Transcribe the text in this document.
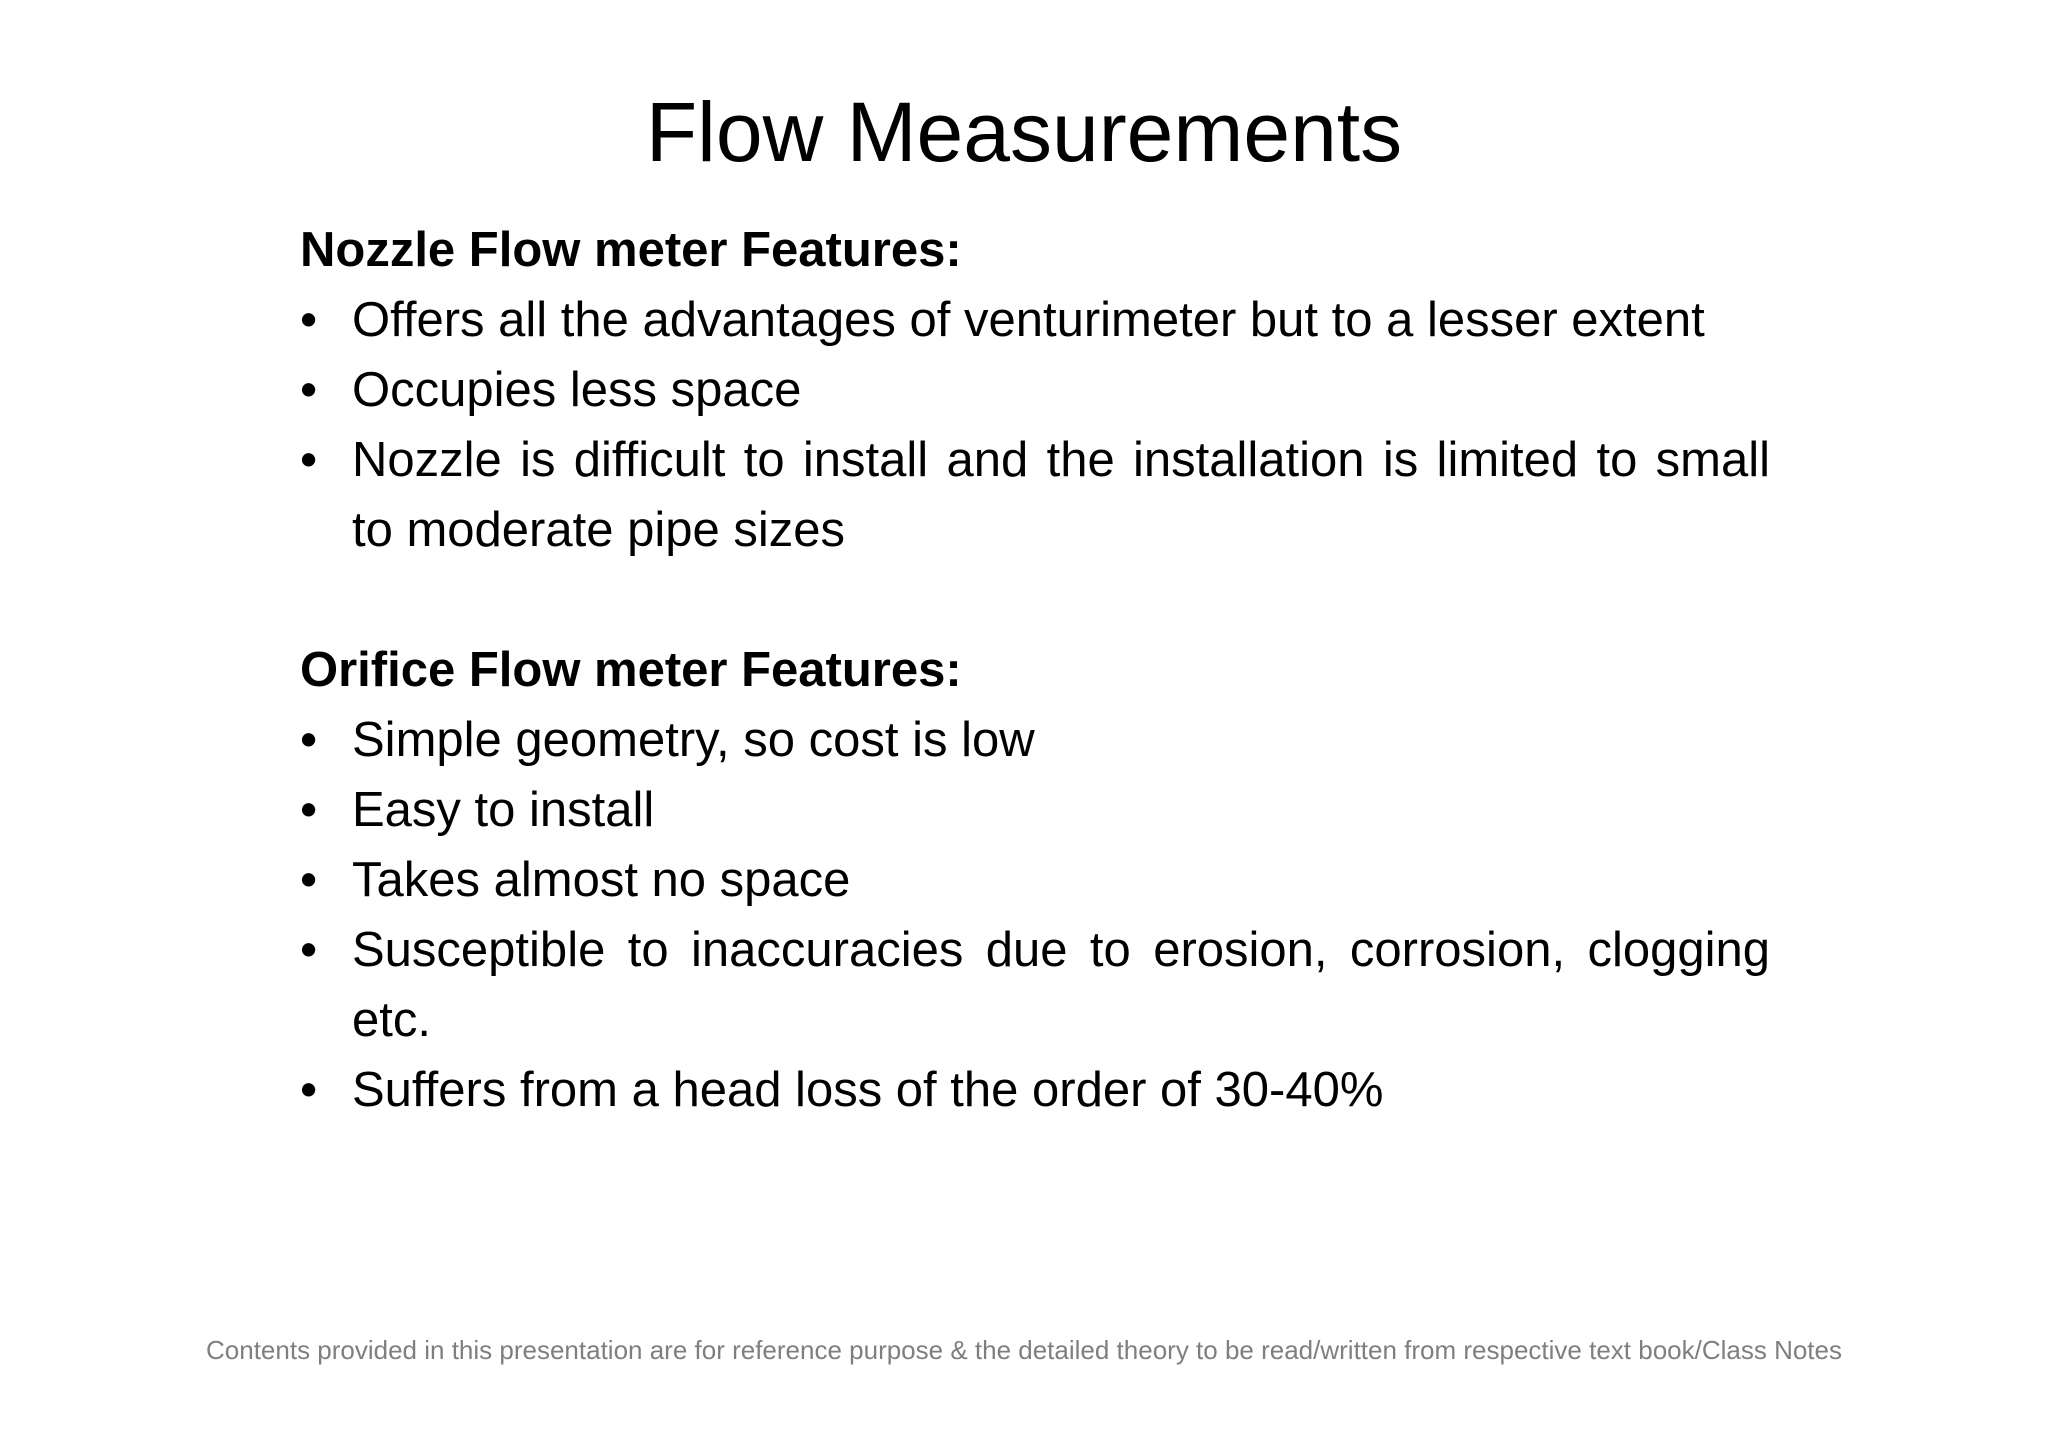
Flow Measurements

Nozzle Flow meter Features:

• Offers all the advantages of venturimeter but to a lesser extent
• Occupies less space
• Nozzle is difficult to install and the installation is limited to small to moderate pipe sizes

Orifice Flow meter Features:

• Simple geometry, so cost is low
• Easy to install
• Takes almost no space
• Susceptible to inaccuracies due to erosion, corrosion, clogging etc.
• Suffers from a head loss of the order of 30-40%
Contents provided in this presentation are for reference purpose & the detailed theory to be read/written from respective text book/Class Notes
